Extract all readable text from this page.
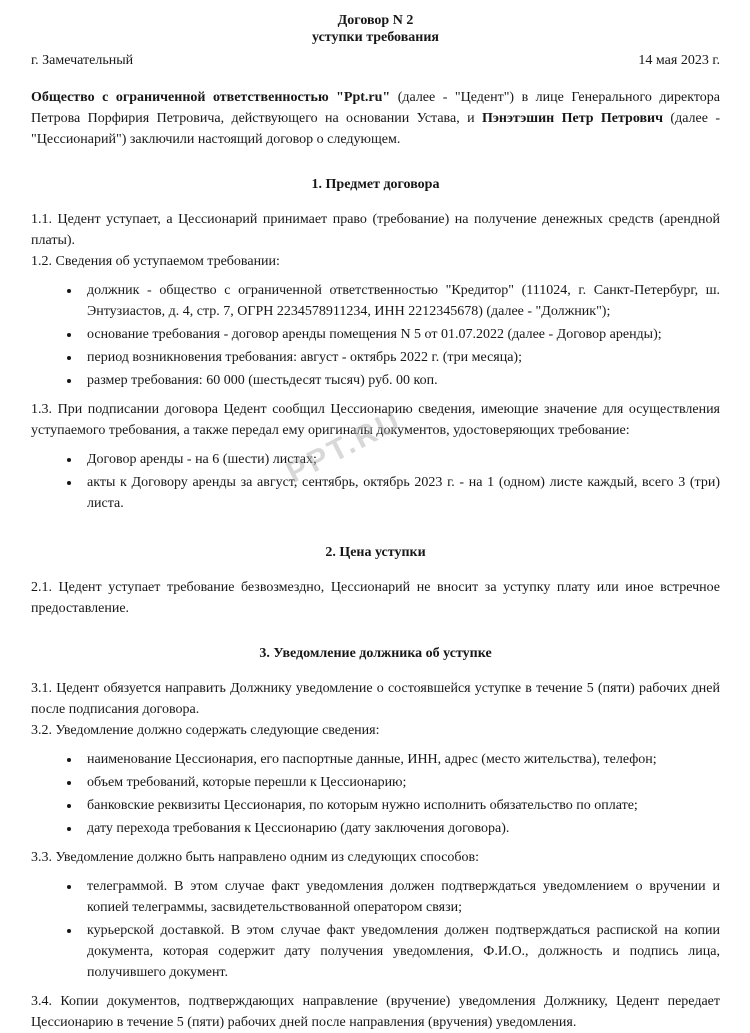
Договор N 2
уступки требования
г. Замечательный	14 мая 2023 г.

Общество с ограниченной ответственностью "Ppt.ru" (далее - "Цедент") в лице Генерального директора Петрова Порфирия Петровича, действующего на основании Устава, и Пэнэтэшин Петр Петрович (далее - "Цессионарий") заключили настоящий договор о следующем.

1. Предмет договора

1.1. Цедент уступает, а Цессионарий принимает право (требование) на получение денежных средств (арендной платы).

1.2. Сведения об уступаемом требовании:

• должник - общество с ограниченной ответственностью "Кредитор" (111024, г. Санкт-Петербург, ш. Энтузиастов, д. 4, стр. 7, ОГРН 2234578911234, ИНН 2212345678) (далее - "Должник");
• основание требования - договор аренды помещения N 5 от 01.07.2022 (далее - Договор аренды);
• период возникновения требования: август - октябрь 2022 г. (три месяца);
• размер требования: 60 000 (шестьдесят тысяч) руб. 00 коп.

1.3. При подписании договора Цедент сообщил Цессионарию сведения, имеющие значение для осуществления уступаемого требования, а также передал ему оригиналы документов, удостоверяющих требование:

• Договор аренды - на 6 (шести) листах;
• акты к Договору аренды за август, сентябрь, октябрь 2023 г. - на 1 (одном) листе каждый, всего 3 (три) листа.
PPT.RU
2. Цена уступки

2.1. Цедент уступает требование безвозмездно, Цессионарий не вносит за уступку плату или иное встречное предоставление.

3. Уведомление должника об уступке

3.1. Цедент обязуется направить Должнику уведомление о состоявшейся уступке в течение 5 (пяти) рабочих дней после подписания договора.

3.2. Уведомление должно содержать следующие сведения:

• наименование Цессионария, его паспортные данные, ИНН, адрес (место жительства), телефон;
• объем требований, которые перешли к Цессионарию;
• банковские реквизиты Цессионария, по которым нужно исполнить обязательство по оплате;
• дату перехода требования к Цессионарию (дату заключения договора).

3.3. Уведомление должно быть направлено одним из следующих способов:

• телеграммой. В этом случае факт уведомления должен подтверждаться уведомлением о вручении и копией телеграммы, засвидетельствованной оператором связи;
• курьерской доставкой. В этом случае факт уведомления должен подтверждаться распиской на копии документа, которая содержит дату получения уведомления, Ф.И.О., должность и подпись лица, получившего документ.

3.4. Копии документов, подтверждающих направление (вручение) уведомления Должнику, Цедент передает Цессионарию в течение 5 (пяти) рабочих дней после направления (вручения) уведомления.
